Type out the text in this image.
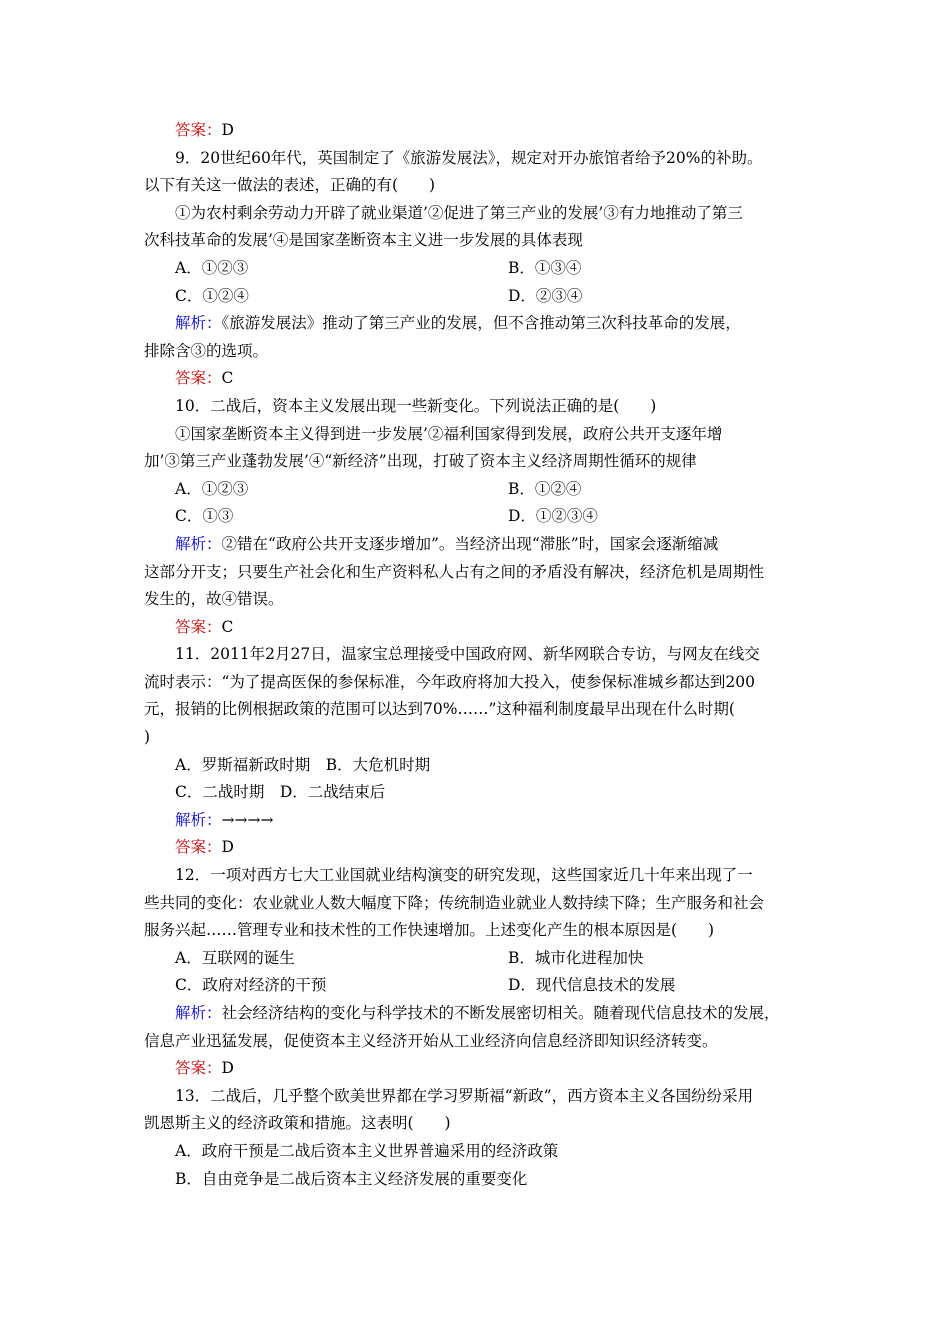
答案：D
9．20世纪60年代，英国制定了《旅游发展法》，规定对开办旅馆者给予20%的补助。
以下有关这一做法的表述，正确的有(　　)
①为农村剩余劳动力开辟了就业渠道’②促进了第三产业的发展’③有力地推动了第三
次科技革命的发展’④是国家垄断资本主义进一步发展的具体表现
A．①②③	B．①③④
C．①②④	D．②③④
解析：《旅游发展法》推动了第三产业的发展，但不含推动第三次科技革命的发展，
排除含③的选项。
答案：C
10．二战后，资本主义发展出现一些新变化。下列说法正确的是(　　)
①国家垄断资本主义得到进一步发展’②福利国家得到发展，政府公共开支逐年增
加’③第三产业蓬勃发展’④“新经济”出现，打破了资本主义经济周期性循环的规律
A．①②③	B．①②④
C．①③	D．①②③④
解析：②错在“政府公共开支逐步增加”。当经济出现“滞胀”时，国家会逐渐缩减
这部分开支；只要生产社会化和生产资料私人占有之间的矛盾没有解决，经济危机是周期性
发生的，故④错误。
答案：C
11．2011年2月27日，温家宝总理接受中国政府网、新华网联合专访，与网友在线交
流时表示：“为了提高医保的参保标准，今年政府将加大投入，使参保标准城乡都达到200
元，报销的比例根据政策的范围可以达到70%……”这种福利制度最早出现在什么时期(
)
A．罗斯福新政时期　B．大危机时期
C．二战时期　D．二战结束后
解析：→→→→
答案：D
12．一项对西方七大工业国就业结构演变的研究发现，这些国家近几十年来出现了一
些共同的变化：农业就业人数大幅度下降；传统制造业就业人数持续下降；生产服务和社会
服务兴起……管理专业和技术性的工作快速增加。上述变化产生的根本原因是(　　)
A．互联网的诞生	B．城市化进程加快
C．政府对经济的干预	D．现代信息技术的发展
解析：社会经济结构的变化与科学技术的不断发展密切相关。随着现代信息技术的发展，
信息产业迅猛发展，促使资本主义经济开始从工业经济向信息经济即知识经济转变。
答案：D
13．二战后，几乎整个欧美世界都在学习罗斯福“新政”，西方资本主义各国纷纷采用
凯恩斯主义的经济政策和措施。这表明(　　)
A．政府干预是二战后资本主义世界普遍采用的经济政策
B．自由竞争是二战后资本主义经济发展的重要变化
